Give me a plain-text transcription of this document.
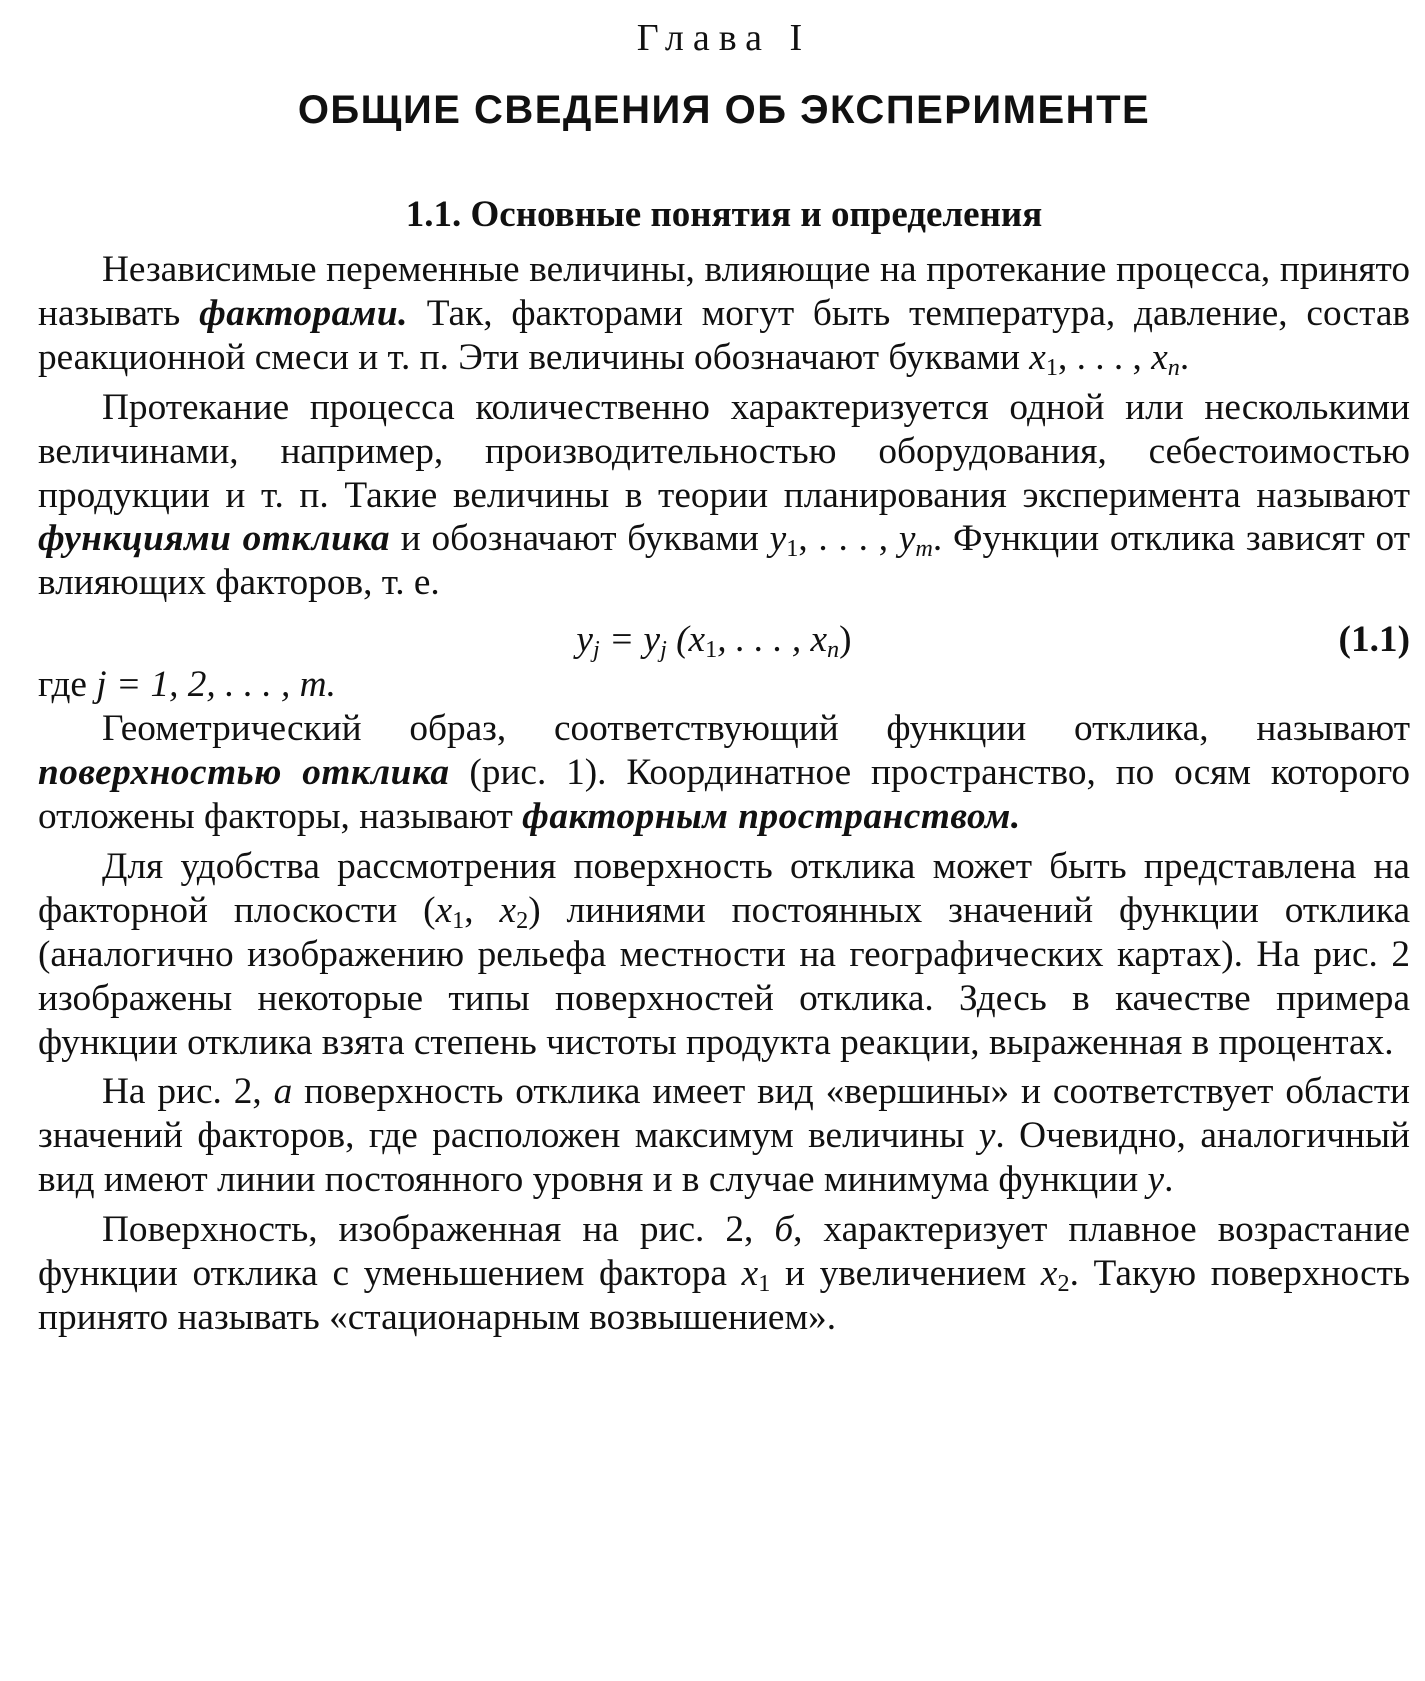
Глава I
ОБЩИЕ СВЕДЕНИЯ ОБ ЭКСПЕРИМЕНТЕ
1.1. Основные понятия и определения

Независимые переменные величины, влияющие на протекание процесса, принято называть факторами. Так, факторами могут быть температура, давление, состав реакционной смеси и т. п. Эти величины обозначают буквами $x_1$, . . . , $x_n$.

Протекание процесса количественно характеризуется одной или несколькими величинами, например, производительностью оборудования, себестоимостью продукции и т. п. Такие величины в теории планирования эксперимента называют функциями отклика и обозначают буквами $y_1$, . . . , $y_m$. Функции отклика зависят от влияющих факторов, т. е.

$y_j = y_j$ ($x_1$, . . . , $x_n$)	(1.1)

где j = 1, 2, . . . , m.

Геометрический образ, соответствующий функции отклика, называют поверхностью отклика (рис. 1). Координатное пространство, по осям которого отложены факторы, называют факторным пространством.

Для удобства рассмотрения поверхность отклика может быть представлена на факторной плоскости ($x_1$, $x_2$) линиями постоянных значений функции отклика (аналогично изображению рельефа местности на географических картах). На рис. 2 изображены некоторые типы поверхностей отклика. Здесь в качестве примера функции отклика взята степень чистоты продукта реакции, выраженная в процентах.

На рис. 2, а поверхность отклика имеет вид «вершины» и соответствует области значений факторов, где расположен максимум величины y. Очевидно, аналогичный вид имеют линии постоянного уровня и в случае минимума функции y.

Поверхность, изображенная на рис. 2, б, характеризует плавное возрастание функции отклика с уменьшением фактора $x_1$ и увеличением $x_2$. Такую поверхность принято называть «стационарным возвышением».
